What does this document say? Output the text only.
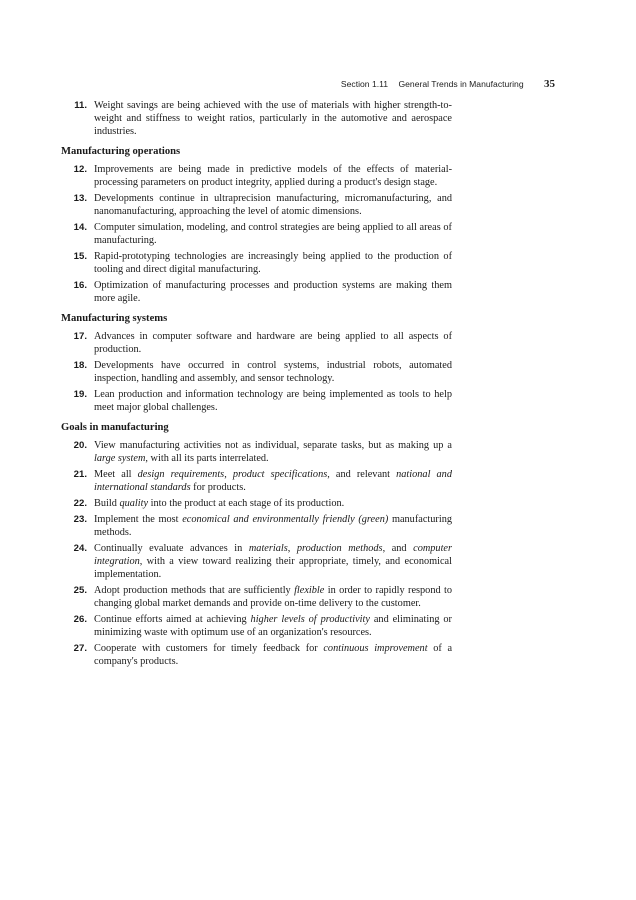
Section 1.11 General Trends in Manufacturing 35
11. Weight savings are being achieved with the use of materials with higher strength-to-weight and stiffness to weight ratios, particularly in the automotive and aerospace industries.
Manufacturing operations
12. Improvements are being made in predictive models of the effects of material-processing parameters on product integrity, applied during a product's design stage.
13. Developments continue in ultraprecision manufacturing, micromanufacturing, and nanomanufacturing, approaching the level of atomic dimensions.
14. Computer simulation, modeling, and control strategies are being applied to all areas of manufacturing.
15. Rapid-prototyping technologies are increasingly being applied to the production of tooling and direct digital manufacturing.
16. Optimization of manufacturing processes and production systems are making them more agile.
Manufacturing systems
17. Advances in computer software and hardware are being applied to all aspects of production.
18. Developments have occurred in control systems, industrial robots, automated inspection, handling and assembly, and sensor technology.
19. Lean production and information technology are being implemented as tools to help meet major global challenges.
Goals in manufacturing
20. View manufacturing activities not as individual, separate tasks, but as making up a large system, with all its parts interrelated.
21. Meet all design requirements, product specifications, and relevant national and international standards for products.
22. Build quality into the product at each stage of its production.
23. Implement the most economical and environmentally friendly (green) manufacturing methods.
24. Continually evaluate advances in materials, production methods, and computer integration, with a view toward realizing their appropriate, timely, and economical implementation.
25. Adopt production methods that are sufficiently flexible in order to rapidly respond to changing global market demands and provide on-time delivery to the customer.
26. Continue efforts aimed at achieving higher levels of productivity and eliminating or minimizing waste with optimum use of an organization's resources.
27. Cooperate with customers for timely feedback for continuous improvement of a company's products.
